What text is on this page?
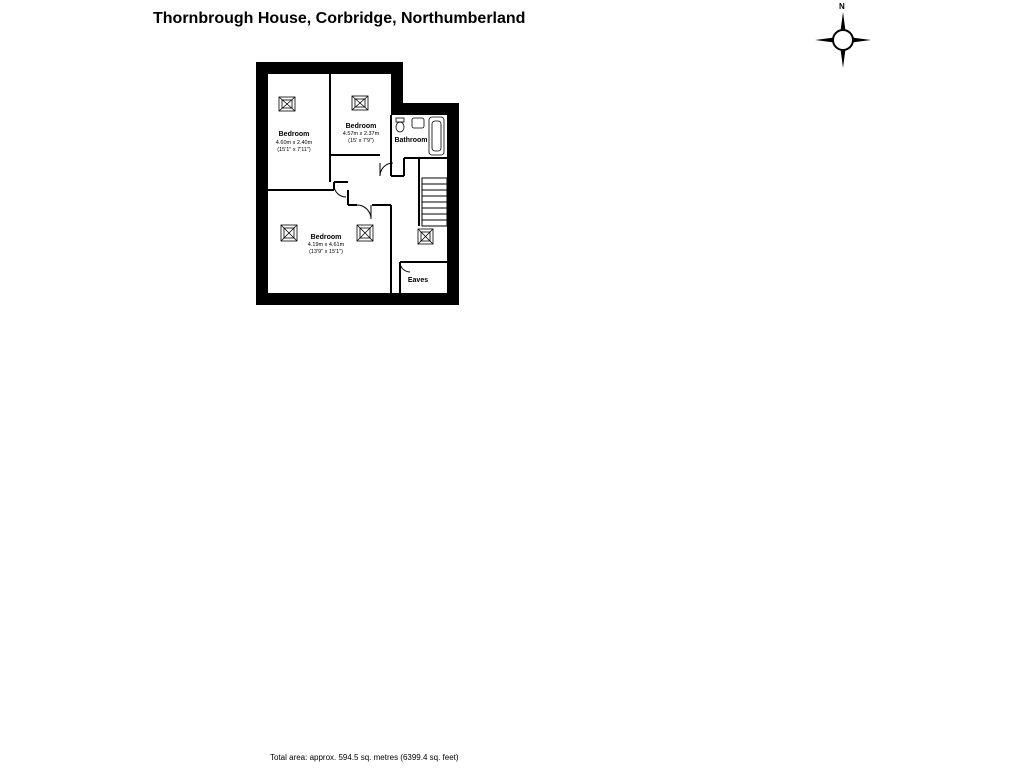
Thornbrough House, Corbridge, Northumberland
N
Bedroom
4.60m x 2.40m
(15'1" x 7'11")
Bedroom
4.57m x 2.37m
(15' x 7'9")	Bathroom
Bedroom
4.19m x 4.61m
(13'9" x 15'1")
Eaves
Total area: approx. 594.5 sq. metres (6399.4 sq. feet)
